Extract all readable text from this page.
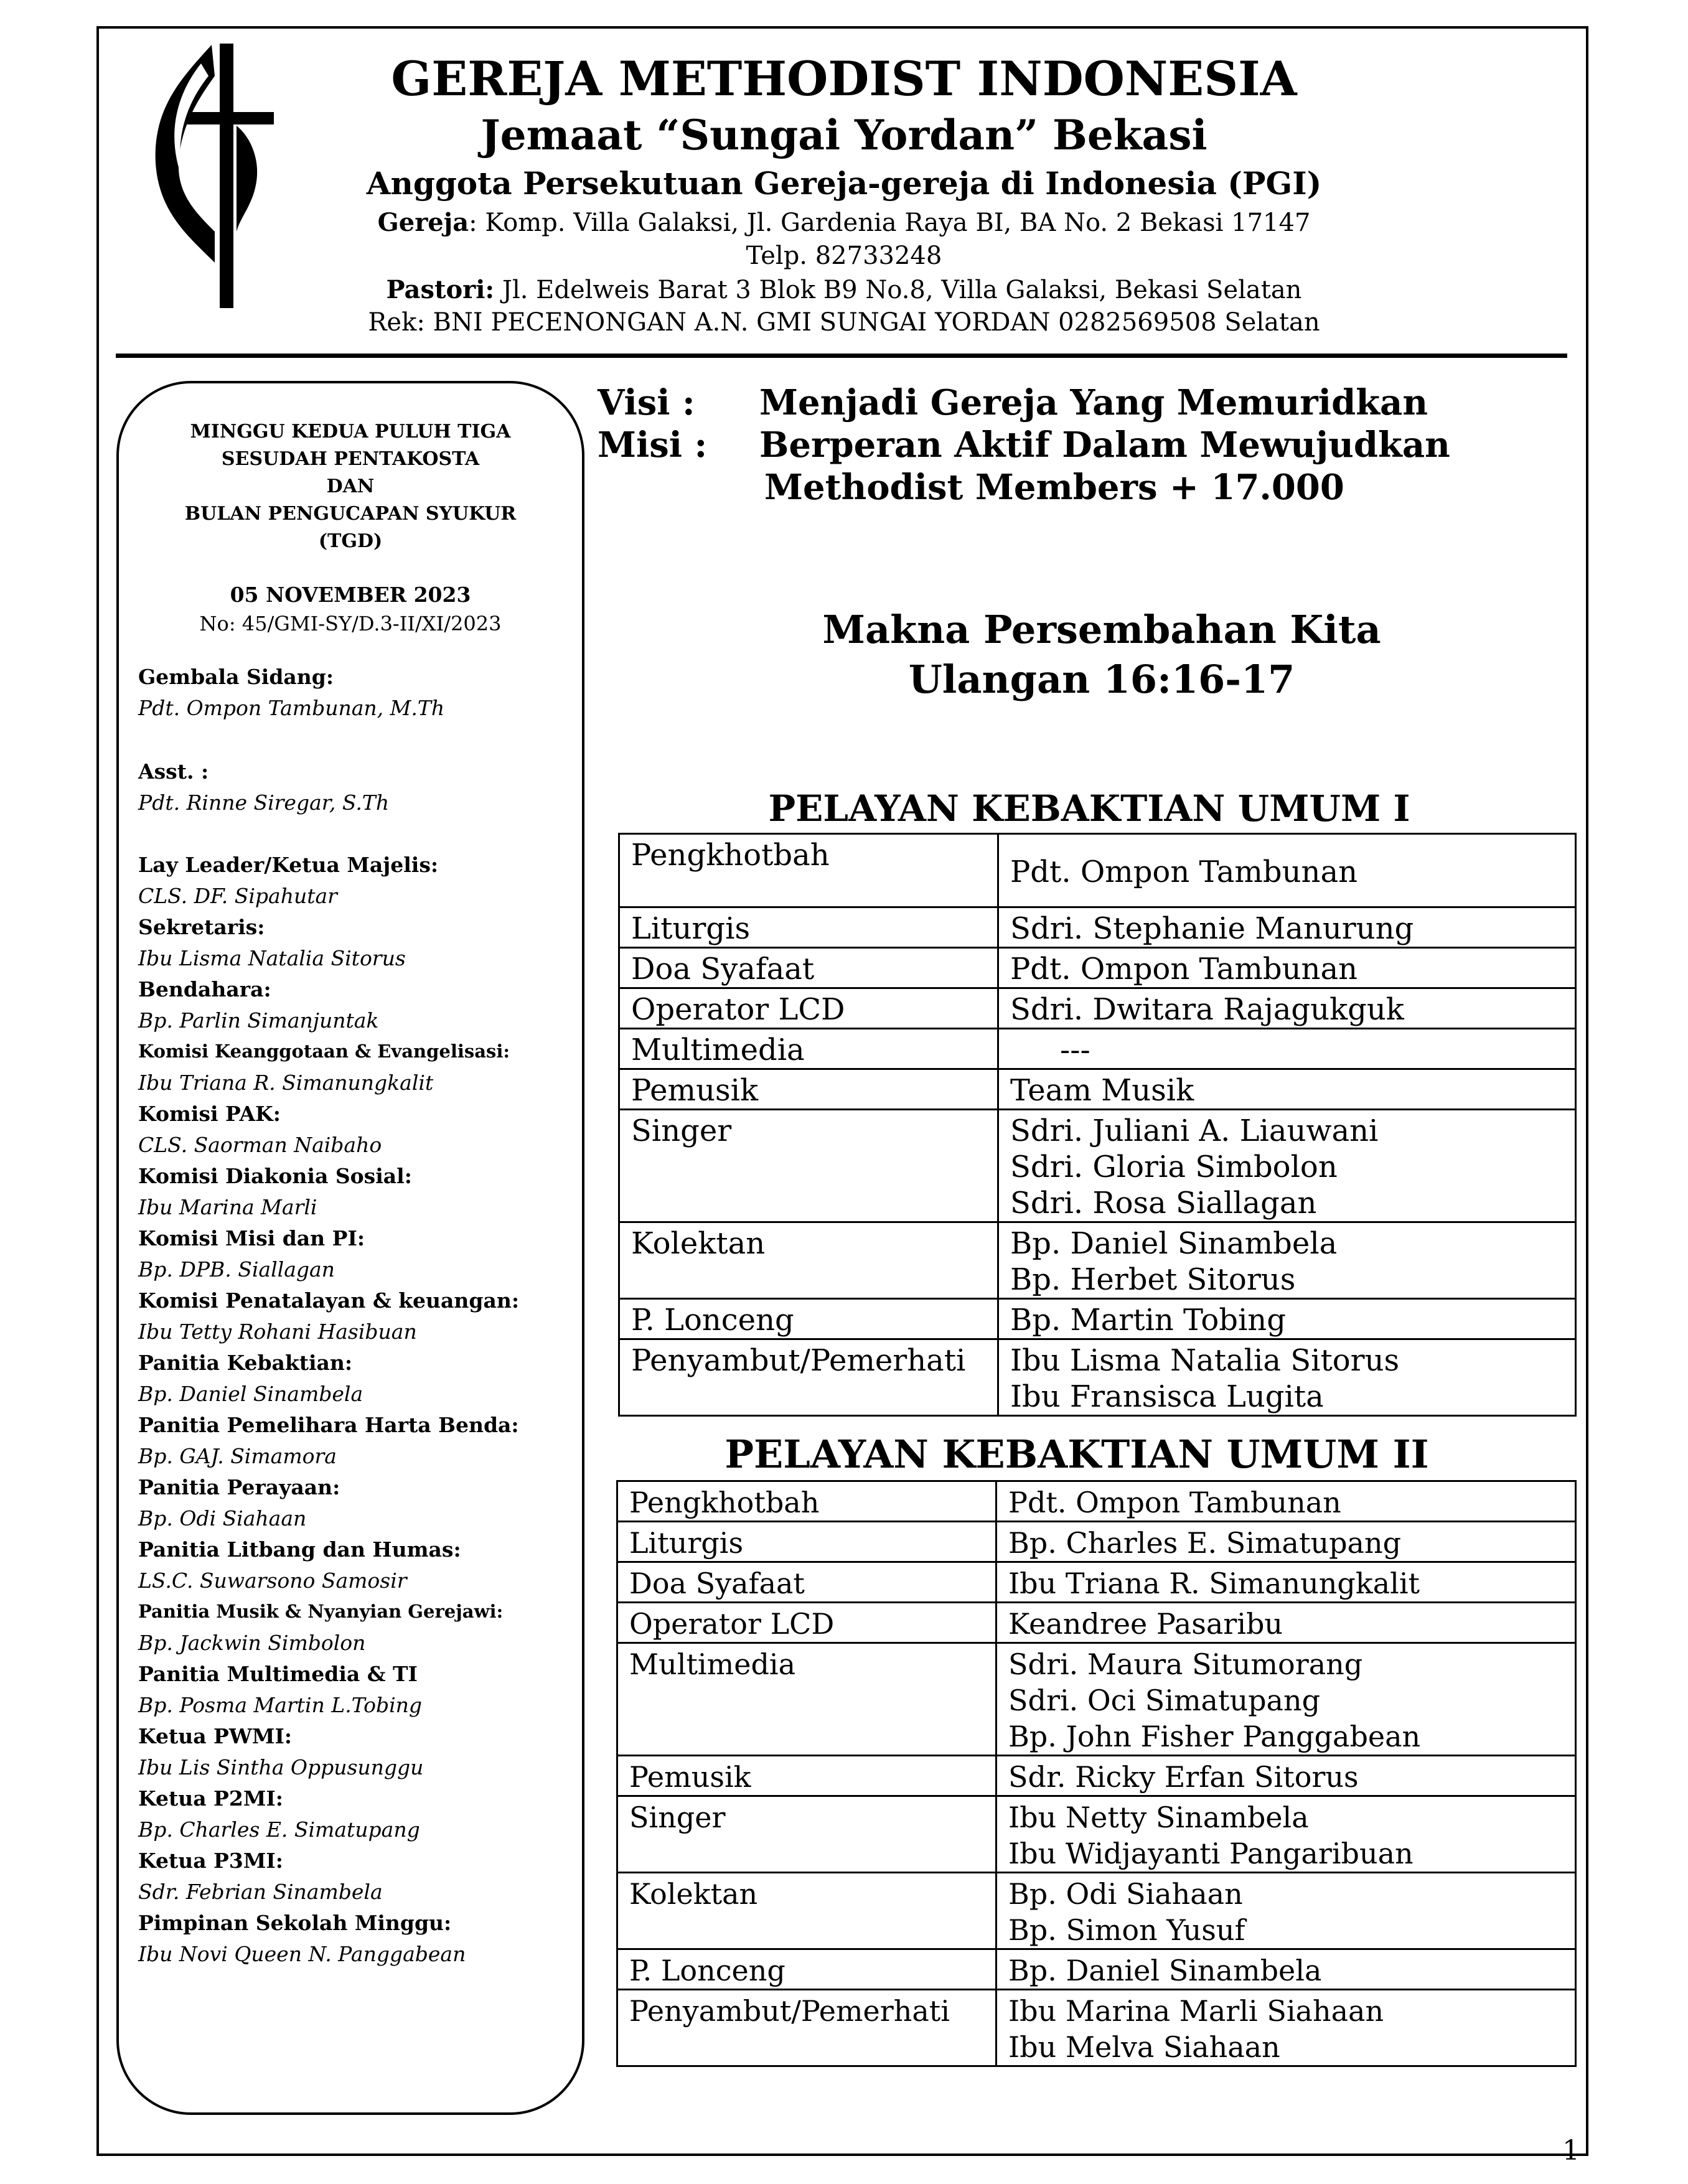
GEREJA METHODIST INDONESIA
Jemaat “Sungai Yordan” Bekasi
Anggota Persekutuan Gereja-gereja di Indonesia (PGI)
Gereja: Komp. Villa Galaksi, Jl. Gardenia Raya BI, BA No. 2 Bekasi 17147
Telp. 82733248
Pastori: Jl. Edelweis Barat 3 Blok B9 No.8, Villa Galaksi, Bekasi Selatan
Rek: BNI PECENONGAN A.N. GMI SUNGAI YORDAN 0282569508 Selatan
MINGGU KEDUA PULUH TIGA
SESUDAH PENTAKOSTA
DAN
BULAN PENGUCAPAN SYUKUR
(TGD)
05 NOVEMBER 2023
No: 45/GMI-SY/D.3-II/XI/2023
Gembala Sidang:
Pdt. Ompon Tambunan, M.Th
Asst. :
Pdt. Rinne Siregar, S.Th
Lay Leader/Ketua Majelis:
CLS. DF. Sipahutar
Sekretaris:
Ibu Lisma Natalia Sitorus
Bendahara:
Bp. Parlin Simanjuntak
Komisi Keanggotaan & Evangelisasi:
Ibu Triana R. Simanungkalit
Komisi PAK:
CLS. Saorman Naibaho
Komisi Diakonia Sosial:
Ibu Marina Marli
Komisi Misi dan PI:
Bp. DPB. Siallagan
Komisi Penatalayan & keuangan:
Ibu Tetty Rohani Hasibuan
Panitia Kebaktian:
Bp. Daniel Sinambela
Panitia Pemelihara Harta Benda:
Bp. GAJ. Simamora
Panitia Perayaan:
Bp. Odi Siahaan
Panitia Litbang dan Humas:
LS.C. Suwarsono Samosir
Panitia Musik & Nyanyian Gerejawi:
Bp. Jackwin Simbolon
Panitia Multimedia & TI
Bp. Posma Martin L.Tobing
Ketua PWMI:
Ibu Lis Sintha Oppusunggu
Ketua P2MI:
Bp. Charles E. Simatupang
Ketua P3MI:
Sdr. Febrian Sinambela
Pimpinan Sekolah Minggu:
Ibu Novi Queen N. Panggabean
Visi : Menjadi Gereja Yang Memuridkan
Misi : Berperan Aktif Dalam Mewujudkan
Methodist Members + 17.000
Makna Persembahan Kita
Ulangan 16:16-17
PELAYAN KEBAKTIAN UMUM I
Pengkhotbah	Pdt. Ompon Tambunan

Liturgis	Sdri. Stephanie Manurung

Doa Syafaat	Pdt. Ompon Tambunan

Operator LCD	Sdri. Dwitara Rajagukguk

Multimedia	---

Pemusik	Team Musik

Singer	Sdri. Juliani A. Liauwani
Sdri. Gloria Simbolon
Sdri. Rosa Siallagan

Kolektan	Bp. Daniel Sinambela
Bp. Herbet Sitorus

P. Lonceng	Bp. Martin Tobing

Penyambut/Pemerhati	Ibu Lisma Natalia Sitorus
Ibu Fransisca Lugita
PELAYAN KEBAKTIAN UMUM II
Pengkhotbah	Pdt. Ompon Tambunan

Liturgis	Bp. Charles E. Simatupang

Doa Syafaat	Ibu Triana R. Simanungkalit

Operator LCD	Keandree Pasaribu

Multimedia	Sdri. Maura Situmorang
Sdri. Oci Simatupang
Bp. John Fisher Panggabean

Pemusik	Sdr. Ricky Erfan Sitorus

Singer	Ibu Netty Sinambela
Ibu Widjayanti Pangaribuan

Kolektan	Bp. Odi Siahaan
Bp. Simon Yusuf

P. Lonceng	Bp. Daniel Sinambela

Penyambut/Pemerhati	Ibu Marina Marli Siahaan
Ibu Melva Siahaan
1
